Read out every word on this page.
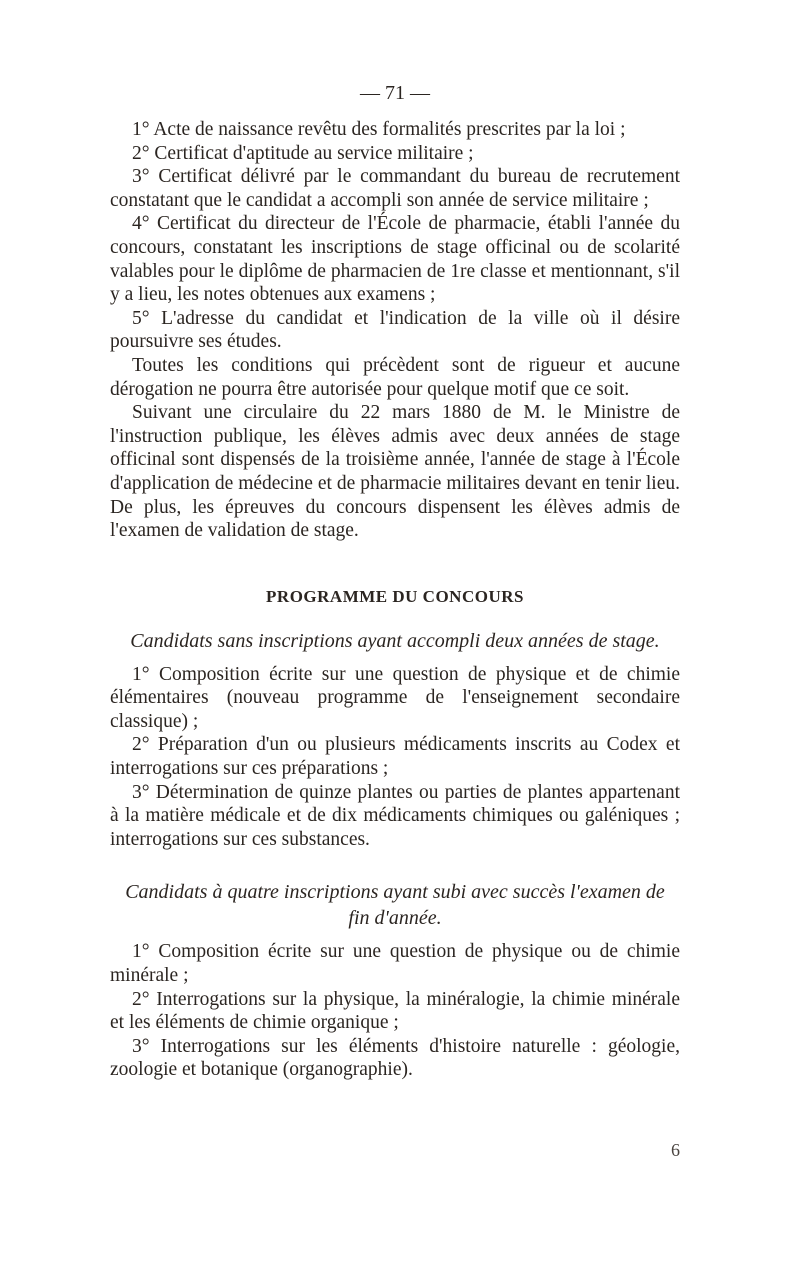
— 71 —

1° Acte de naissance revêtu des formalités prescrites par la loi ;

2° Certificat d'aptitude au service militaire ;

3° Certificat délivré par le commandant du bureau de recrutement constatant que le candidat a accompli son année de service militaire ;

4° Certificat du directeur de l'École de pharmacie, établi l'année du concours, constatant les inscriptions de stage officinal ou de scolarité valables pour le diplôme de pharmacien de 1re classe et mentionnant, s'il y a lieu, les notes obtenues aux examens ;

5° L'adresse du candidat et l'indication de la ville où il désire poursuivre ses études.

Toutes les conditions qui précèdent sont de rigueur et aucune dérogation ne pourra être autorisée pour quelque motif que ce soit.

Suivant une circulaire du 22 mars 1880 de M. le Ministre de l'instruction publique, les élèves admis avec deux années de stage officinal sont dispensés de la troisième année, l'année de stage à l'École d'application de médecine et de pharmacie militaires devant en tenir lieu. De plus, les épreuves du concours dispensent les élèves admis de l'examen de validation de stage.

PROGRAMME DU CONCOURS
Candidats sans inscriptions ayant accompli deux années de stage.

1° Composition écrite sur une question de physique et de chimie élémentaires (nouveau programme de l'enseignement secondaire classique) ;

2° Préparation d'un ou plusieurs médicaments inscrits au Codex et interrogations sur ces préparations ;

3° Détermination de quinze plantes ou parties de plantes appartenant à la matière médicale et de dix médicaments chimiques ou galéniques ; interrogations sur ces substances.

Candidats à quatre inscriptions ayant subi avec succès l'examen de fin d'année.

1° Composition écrite sur une question de physique ou de chimie minérale ;

2° Interrogations sur la physique, la minéralogie, la chimie minérale et les éléments de chimie organique ;

3° Interrogations sur les éléments d'histoire naturelle : géologie, zoologie et botanique (organographie).

6
